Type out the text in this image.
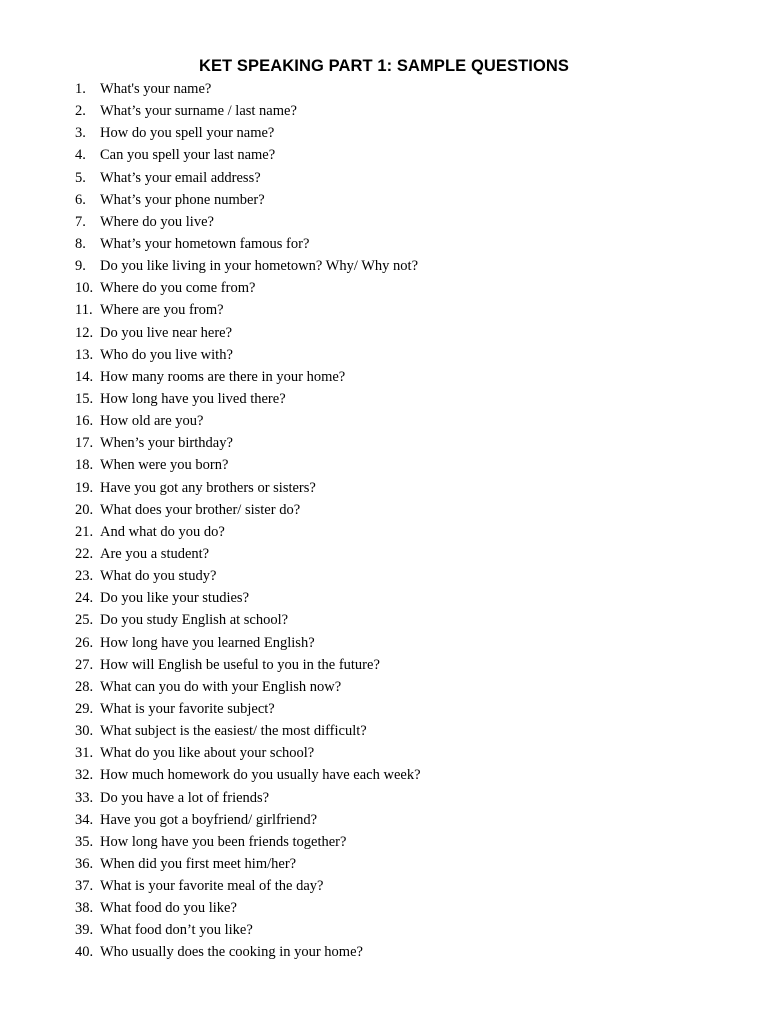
KET SPEAKING PART 1: SAMPLE QUESTIONS
1. What's your name?
2. What’s your surname / last name?
3. How do you spell your name?
4. Can you spell your last name?
5. What’s your email address?
6. What’s your phone number?
7. Where do you live?
8. What’s your hometown famous for?
9. Do you like living in your hometown? Why/ Why not?
10. Where do you come from?
11. Where are you from?
12. Do you live near here?
13. Who do you live with?
14. How many rooms are there in your home?
15. How long have you lived there?
16. How old are you?
17. When’s your birthday?
18. When were you born?
19. Have you got any brothers or sisters?
20. What does your brother/ sister do?
21. And what do you do?
22. Are you a student?
23. What do you study?
24. Do you like your studies?
25. Do you study English at school?
26. How long have you learned English?
27. How will English be useful to you in the future?
28. What can you do with your English now?
29. What is your favorite subject?
30. What subject is the easiest/ the most difficult?
31. What do you like about your school?
32. How much homework do you usually have each week?
33. Do you have a lot of friends?
34. Have you got a boyfriend/ girlfriend?
35. How long have you been friends together?
36. When did you first meet him/her?
37. What is your favorite meal of the day?
38. What food do you like?
39. What food don’t you like?
40. Who usually does the cooking in your home?
